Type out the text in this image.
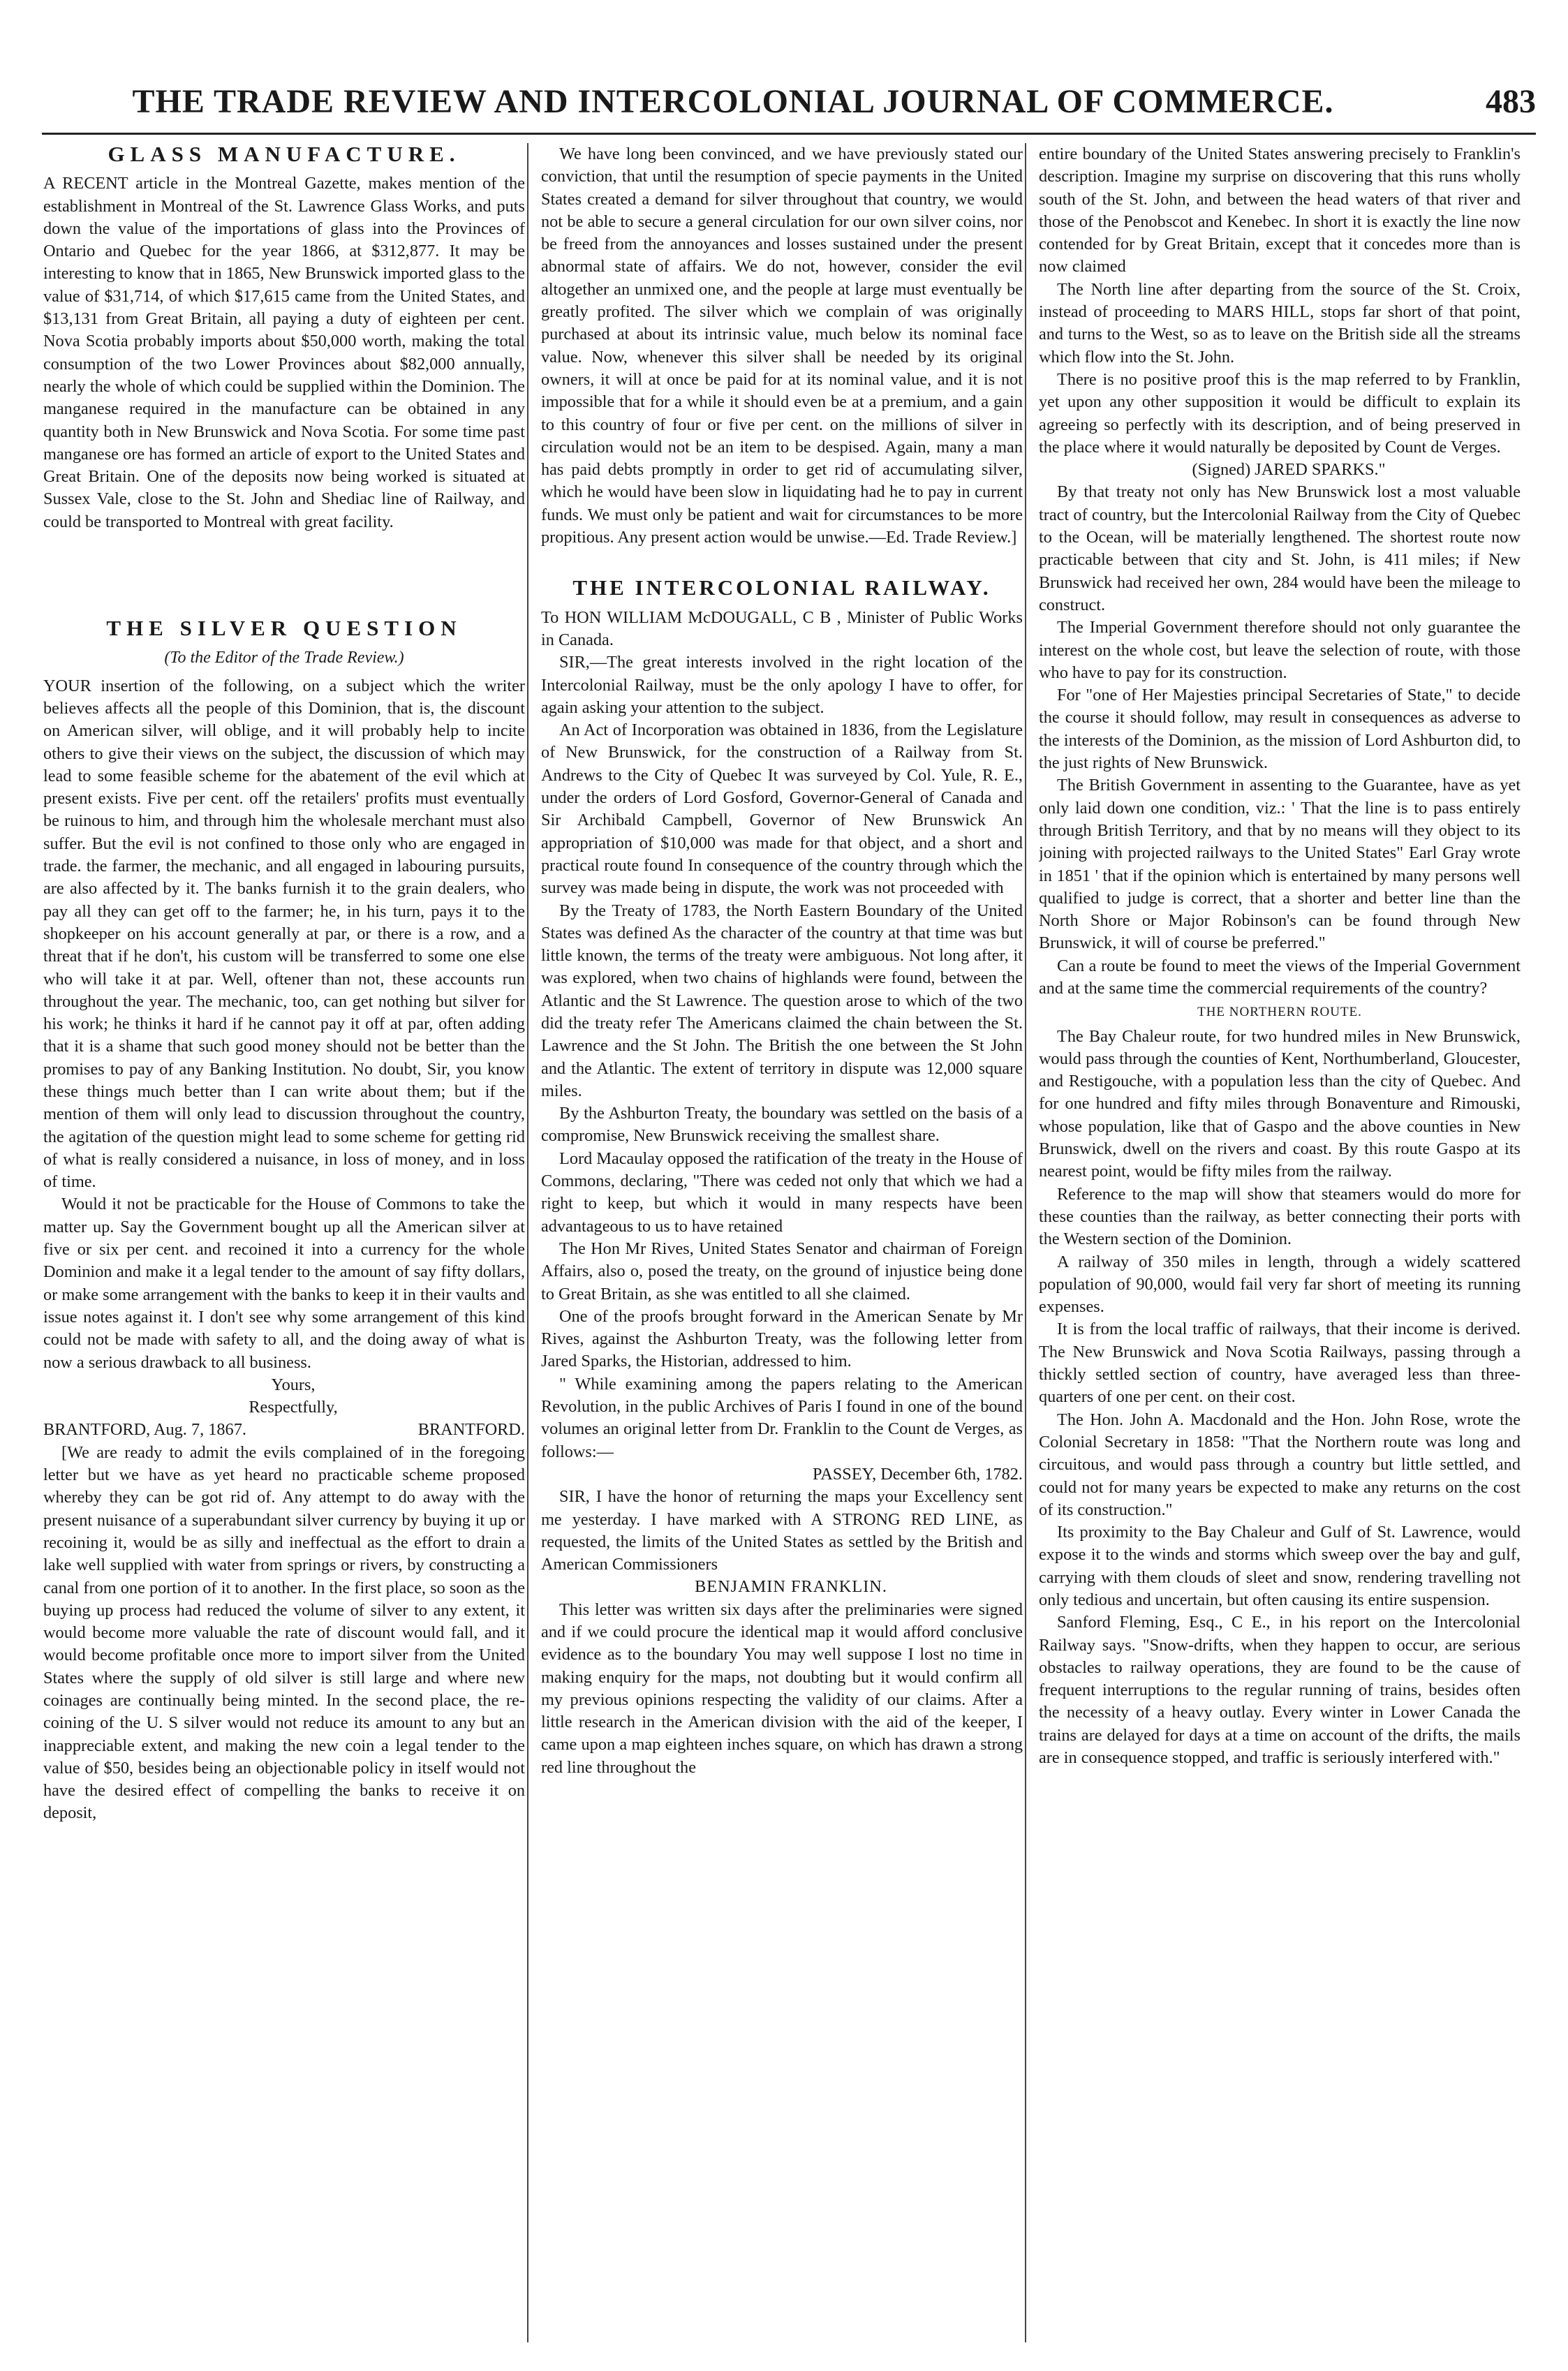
THE TRADE REVIEW AND INTERCOLONIAL JOURNAL OF COMMERCE.	483
GLASS MANUFACTURE.

A RECENT article in the Montreal Gazette, makes mention of the establishment in Montreal of the St. Lawrence Glass Works, and puts down the value of the importations of glass into the Provinces of Ontario and Quebec for the year 1866, at $312,877. It may be interesting to know that in 1865, New Brunswick imported glass to the value of $31,714, of which $17,615 came from the United States, and $13,131 from Great Britain, all paying a duty of eighteen per cent. Nova Scotia probably imports about $50,000 worth, making the total consumption of the two Lower Provinces about $82,000 annually, nearly the whole of which could be supplied within the Dominion. The manganese required in the manufacture can be obtained in any quantity both in New Brunswick and Nova Scotia. For some time past manganese ore has formed an article of export to the United States and Great Britain. One of the deposits now being worked is situated at Sussex Vale, close to the St. John and Shediac line of Railway, and could be transported to Montreal with great facility.

THE SILVER QUESTION
(To the Editor of the Trade Review.)

YOUR insertion of the following, on a subject which the writer believes affects all the people of this Dominion, that is, the discount on American silver, will oblige, and it will probably help to incite others to give their views on the subject, the discussion of which may lead to some feasible scheme for the abatement of the evil which at present exists. Five per cent. off the retailers' profits must eventually be ruinous to him, and through him the wholesale merchant must also suffer. But the evil is not confined to those only who are engaged in trade. the farmer, the mechanic, and all engaged in labouring pursuits, are also affected by it. The banks furnish it to the grain dealers, who pay all they can get off to the farmer; he, in his turn, pays it to the shopkeeper on his account generally at par, or there is a row, and a threat that if he don't, his custom will be transferred to some one else who will take it at par. Well, oftener than not, these accounts run throughout the year. The mechanic, too, can get nothing but silver for his work; he thinks it hard if he cannot pay it off at par, often adding that it is a shame that such good money should not be better than the promises to pay of any Banking Institution. No doubt, Sir, you know these things much better than I can write about them; but if the mention of them will only lead to discussion throughout the country, the agitation of the question might lead to some scheme for getting rid of what is really considered a nuisance, in loss of money, and in loss of time.

Would it not be practicable for the House of Commons to take the matter up. Say the Government bought up all the American silver at five or six per cent. and recoined it into a currency for the whole Dominion and make it a legal tender to the amount of say fifty dollars, or make some arrangement with the banks to keep it in their vaults and issue notes against it. I don't see why some arrangement of this kind could not be made with safety to all, and the doing away of what is now a serious drawback to all business.

Yours,

Respectfully,

BRANTFORD, Aug. 7, 1867.	BRANTFORD.

[We are ready to admit the evils complained of in the foregoing letter but we have as yet heard no practicable scheme proposed whereby they can be got rid of. Any attempt to do away with the present nuisance of a superabundant silver currency by buying it up or recoining it, would be as silly and ineffectual as the effort to drain a lake well supplied with water from springs or rivers, by constructing a canal from one portion of it to another. In the first place, so soon as the buying up process had reduced the volume of silver to any extent, it would become more valuable the rate of discount would fall, and it would become profitable once more to import silver from the United States where the supply of old silver is still large and where new coinages are continually being minted. In the second place, the re-coining of the U. S silver would not reduce its amount to any but an inappreciable extent, and making the new coin a legal tender to the value of $50, besides being an objectionable policy in itself would not have the desired effect of compelling the banks to receive it on deposit,

We have long been convinced, and we have previously stated our conviction, that until the resumption of specie payments in the United States created a demand for silver throughout that country, we would not be able to secure a general circulation for our own silver coins, nor be freed from the annoyances and losses sustained under the present abnormal state of affairs. We do not, however, consider the evil altogether an unmixed one, and the people at large must eventually be greatly profited. The silver which we complain of was originally purchased at about its intrinsic value, much below its nominal face value. Now, whenever this silver shall be needed by its original owners, it will at once be paid for at its nominal value, and it is not impossible that for a while it should even be at a premium, and a gain to this country of four or five per cent. on the millions of silver in circulation would not be an item to be despised. Again, many a man has paid debts promptly in order to get rid of accumulating silver, which he would have been slow in liquidating had he to pay in current funds. We must only be patient and wait for circumstances to be more propitious. Any present action would be unwise.—Ed. Trade Review.]

THE INTERCOLONIAL RAILWAY.

To HON WILLIAM McDOUGALL, C B , Minister of Public Works in Canada.

SIR,—The great interests involved in the right location of the Intercolonial Railway, must be the only apology I have to offer, for again asking your attention to the subject.

An Act of Incorporation was obtained in 1836, from the Legislature of New Brunswick, for the construction of a Railway from St. Andrews to the City of Quebec It was surveyed by Col. Yule, R. E., under the orders of Lord Gosford, Governor-General of Canada and Sir Archibald Campbell, Governor of New Brunswick An appropriation of $10,000 was made for that object, and a short and practical route found In consequence of the country through which the survey was made being in dispute, the work was not proceeded with

By the Treaty of 1783, the North Eastern Boundary of the United States was defined As the character of the country at that time was but little known, the terms of the treaty were ambiguous. Not long after, it was explored, when two chains of highlands were found, between the Atlantic and the St Lawrence. The question arose to which of the two did the treaty refer The Americans claimed the chain between the St. Lawrence and the St John. The British the one between the St John and the Atlantic. The extent of territory in dispute was 12,000 square miles.

By the Ashburton Treaty, the boundary was settled on the basis of a compromise, New Brunswick receiving the smallest share.

Lord Macaulay opposed the ratification of the treaty in the House of Commons, declaring, "There was ceded not only that which we had a right to keep, but which it would in many respects have been advantageous to us to have retained

The Hon Mr Rives, United States Senator and chairman of Foreign Affairs, also o, posed the treaty, on the ground of injustice being done to Great Britain, as she was entitled to all she claimed.

One of the proofs brought forward in the American Senate by Mr Rives, against the Ashburton Treaty, was the following letter from Jared Sparks, the Historian, addressed to him.

" While examining among the papers relating to the American Revolution, in the public Archives of Paris I found in one of the bound volumes an original letter from Dr. Franklin to the Count de Verges, as follows:—

PASSEY, December 6th, 1782.

SIR, I have the honor of returning the maps your Excellency sent me yesterday. I have marked with A STRONG RED LINE, as requested, the limits of the United States as settled by the British and American Commissioners

BENJAMIN FRANKLIN.

This letter was written six days after the preliminaries were signed and if we could procure the identical map it would afford conclusive evidence as to the boundary You may well suppose I lost no time in making enquiry for the maps, not doubting but it would confirm all my previous opinions respecting the validity of our claims. After a little research in the American division with the aid of the keeper, I came upon a map eighteen inches square, on which has drawn a strong red line throughout the

entire boundary of the United States answering precisely to Franklin's description. Imagine my surprise on discovering that this runs wholly south of the St. John, and between the head waters of that river and those of the Penobscot and Kenebec. In short it is exactly the line now contended for by Great Britain, except that it concedes more than is now claimed

The North line after departing from the source of the St. Croix, instead of proceeding to MARS HILL, stops far short of that point, and turns to the West, so as to leave on the British side all the streams which flow into the St. John.

There is no positive proof this is the map referred to by Franklin, yet upon any other supposition it would be difficult to explain its agreeing so perfectly with its description, and of being preserved in the place where it would naturally be deposited by Count de Verges.

(Signed) JARED SPARKS."

By that treaty not only has New Brunswick lost a most valuable tract of country, but the Intercolonial Railway from the City of Quebec to the Ocean, will be materially lengthened. The shortest route now practicable between that city and St. John, is 411 miles; if New Brunswick had received her own, 284 would have been the mileage to construct.

The Imperial Government therefore should not only guarantee the interest on the whole cost, but leave the selection of route, with those who have to pay for its construction.

For "one of Her Majesties principal Secretaries of State," to decide the course it should follow, may result in consequences as adverse to the interests of the Dominion, as the mission of Lord Ashburton did, to the just rights of New Brunswick.

The British Government in assenting to the Guarantee, have as yet only laid down one condition, viz.: ' That the line is to pass entirely through British Territory, and that by no means will they object to its joining with projected railways to the United States" Earl Gray wrote in 1851 ' that if the opinion which is entertained by many persons well qualified to judge is correct, that a shorter and better line than the North Shore or Major Robinson's can be found through New Brunswick, it will of course be preferred."

Can a route be found to meet the views of the Imperial Government and at the same time the commercial requirements of the country?

THE NORTHERN ROUTE.

The Bay Chaleur route, for two hundred miles in New Brunswick, would pass through the counties of Kent, Northumberland, Gloucester, and Restigouche, with a population less than the city of Quebec. And for one hundred and fifty miles through Bonaventure and Rimouski, whose population, like that of Gaspo and the above counties in New Brunswick, dwell on the rivers and coast. By this route Gaspo at its nearest point, would be fifty miles from the railway.

Reference to the map will show that steamers would do more for these counties than the railway, as better connecting their ports with the Western section of the Dominion.

A railway of 350 miles in length, through a widely scattered population of 90,000, would fail very far short of meeting its running expenses.

It is from the local traffic of railways, that their income is derived. The New Brunswick and Nova Scotia Railways, passing through a thickly settled section of country, have averaged less than three-quarters of one per cent. on their cost.

The Hon. John A. Macdonald and the Hon. John Rose, wrote the Colonial Secretary in 1858: "That the Northern route was long and circuitous, and would pass through a country but little settled, and could not for many years be expected to make any returns on the cost of its construction."

Its proximity to the Bay Chaleur and Gulf of St. Lawrence, would expose it to the winds and storms which sweep over the bay and gulf, carrying with them clouds of sleet and snow, rendering travelling not only tedious and uncertain, but often causing its entire suspension.

Sanford Fleming, Esq., C E., in his report on the Intercolonial Railway says. "Snow-drifts, when they happen to occur, are serious obstacles to railway operations, they are found to be the cause of frequent interruptions to the regular running of trains, besides often the necessity of a heavy outlay. Every winter in Lower Canada the trains are delayed for days at a time on account of the drifts, the mails are in consequence stopped, and traffic is seriously interfered with."
